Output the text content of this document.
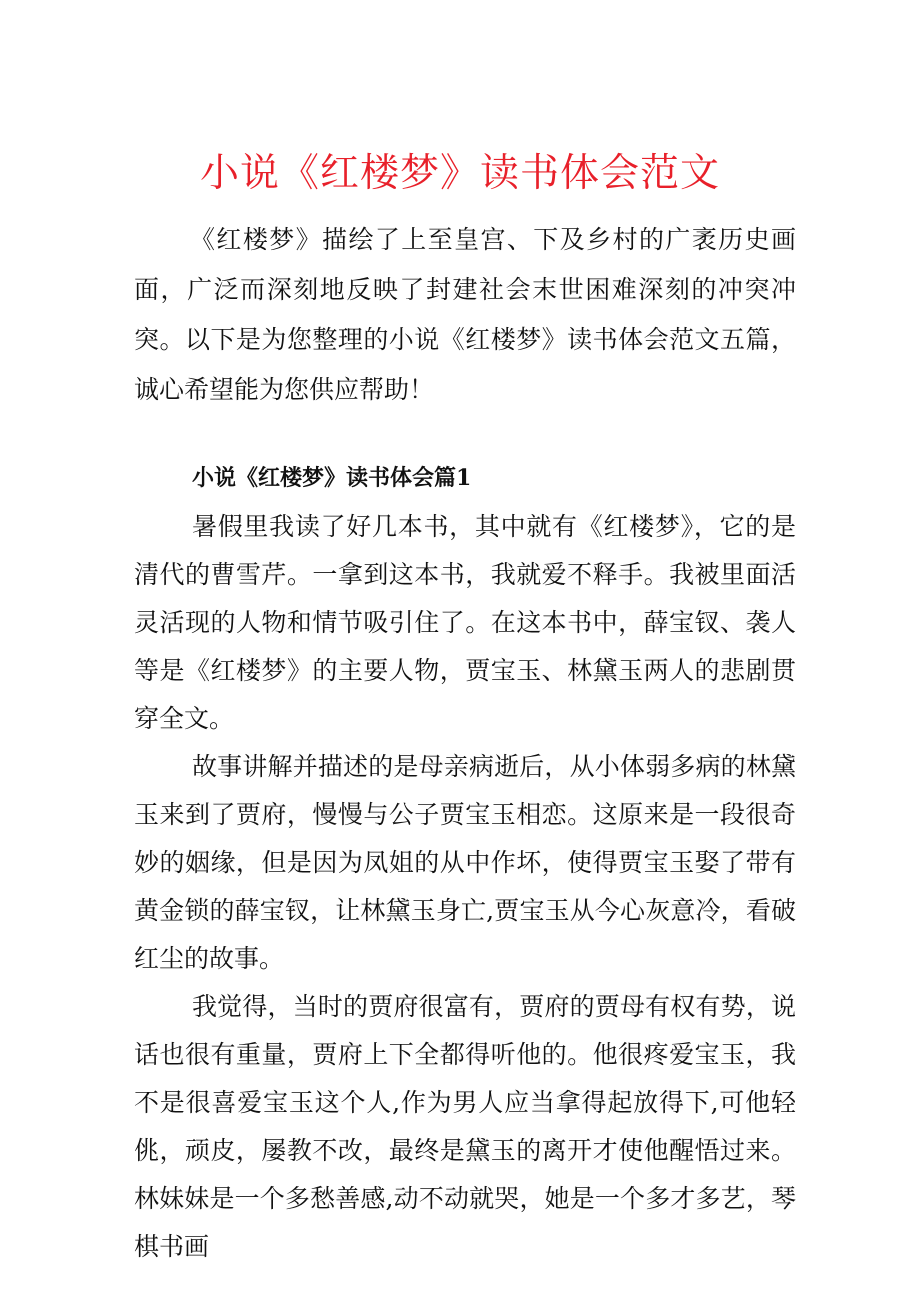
小说《红楼梦》读书体会范文

《红楼梦》描绘了上至皇宫、下及乡村的广袤历史画面，广泛而深刻地反映了封建社会末世困难深刻的冲突冲突。以下是为您整理的小说《红楼梦》读书体会范文五篇，诚心希望能为您供应帮助！

小说《红楼梦》读书体会篇1

暑假里我读了好几本书，其中就有《红楼梦》，它的是清代的曹雪芹。一拿到这本书，我就爱不释手。我被里面活灵活现的人物和情节吸引住了。在这本书中，薛宝钗、袭人等是《红楼梦》的主要人物，贾宝玉、林黛玉两人的悲剧贯穿全文。

故事讲解并描述的是母亲病逝后，从小体弱多病的林黛玉来到了贾府，慢慢与公子贾宝玉相恋。这原来是一段很奇妙的姻缘，但是因为凤姐的从中作坏，使得贾宝玉娶了带有黄金锁的薛宝钗，让林黛玉身亡,贾宝玉从今心灰意冷，看破红尘的故事。

我觉得，当时的贾府很富有，贾府的贾母有权有势，说话也很有重量，贾府上下全都得听他的。他很疼爱宝玉，我不是很喜爱宝玉这个人,作为男人应当拿得起放得下,可他轻佻，顽皮，屡教不改，最终是黛玉的离开才使他醒悟过来。林妹妹是一个多愁善感,动不动就哭，她是一个多才多艺，琴棋书画
